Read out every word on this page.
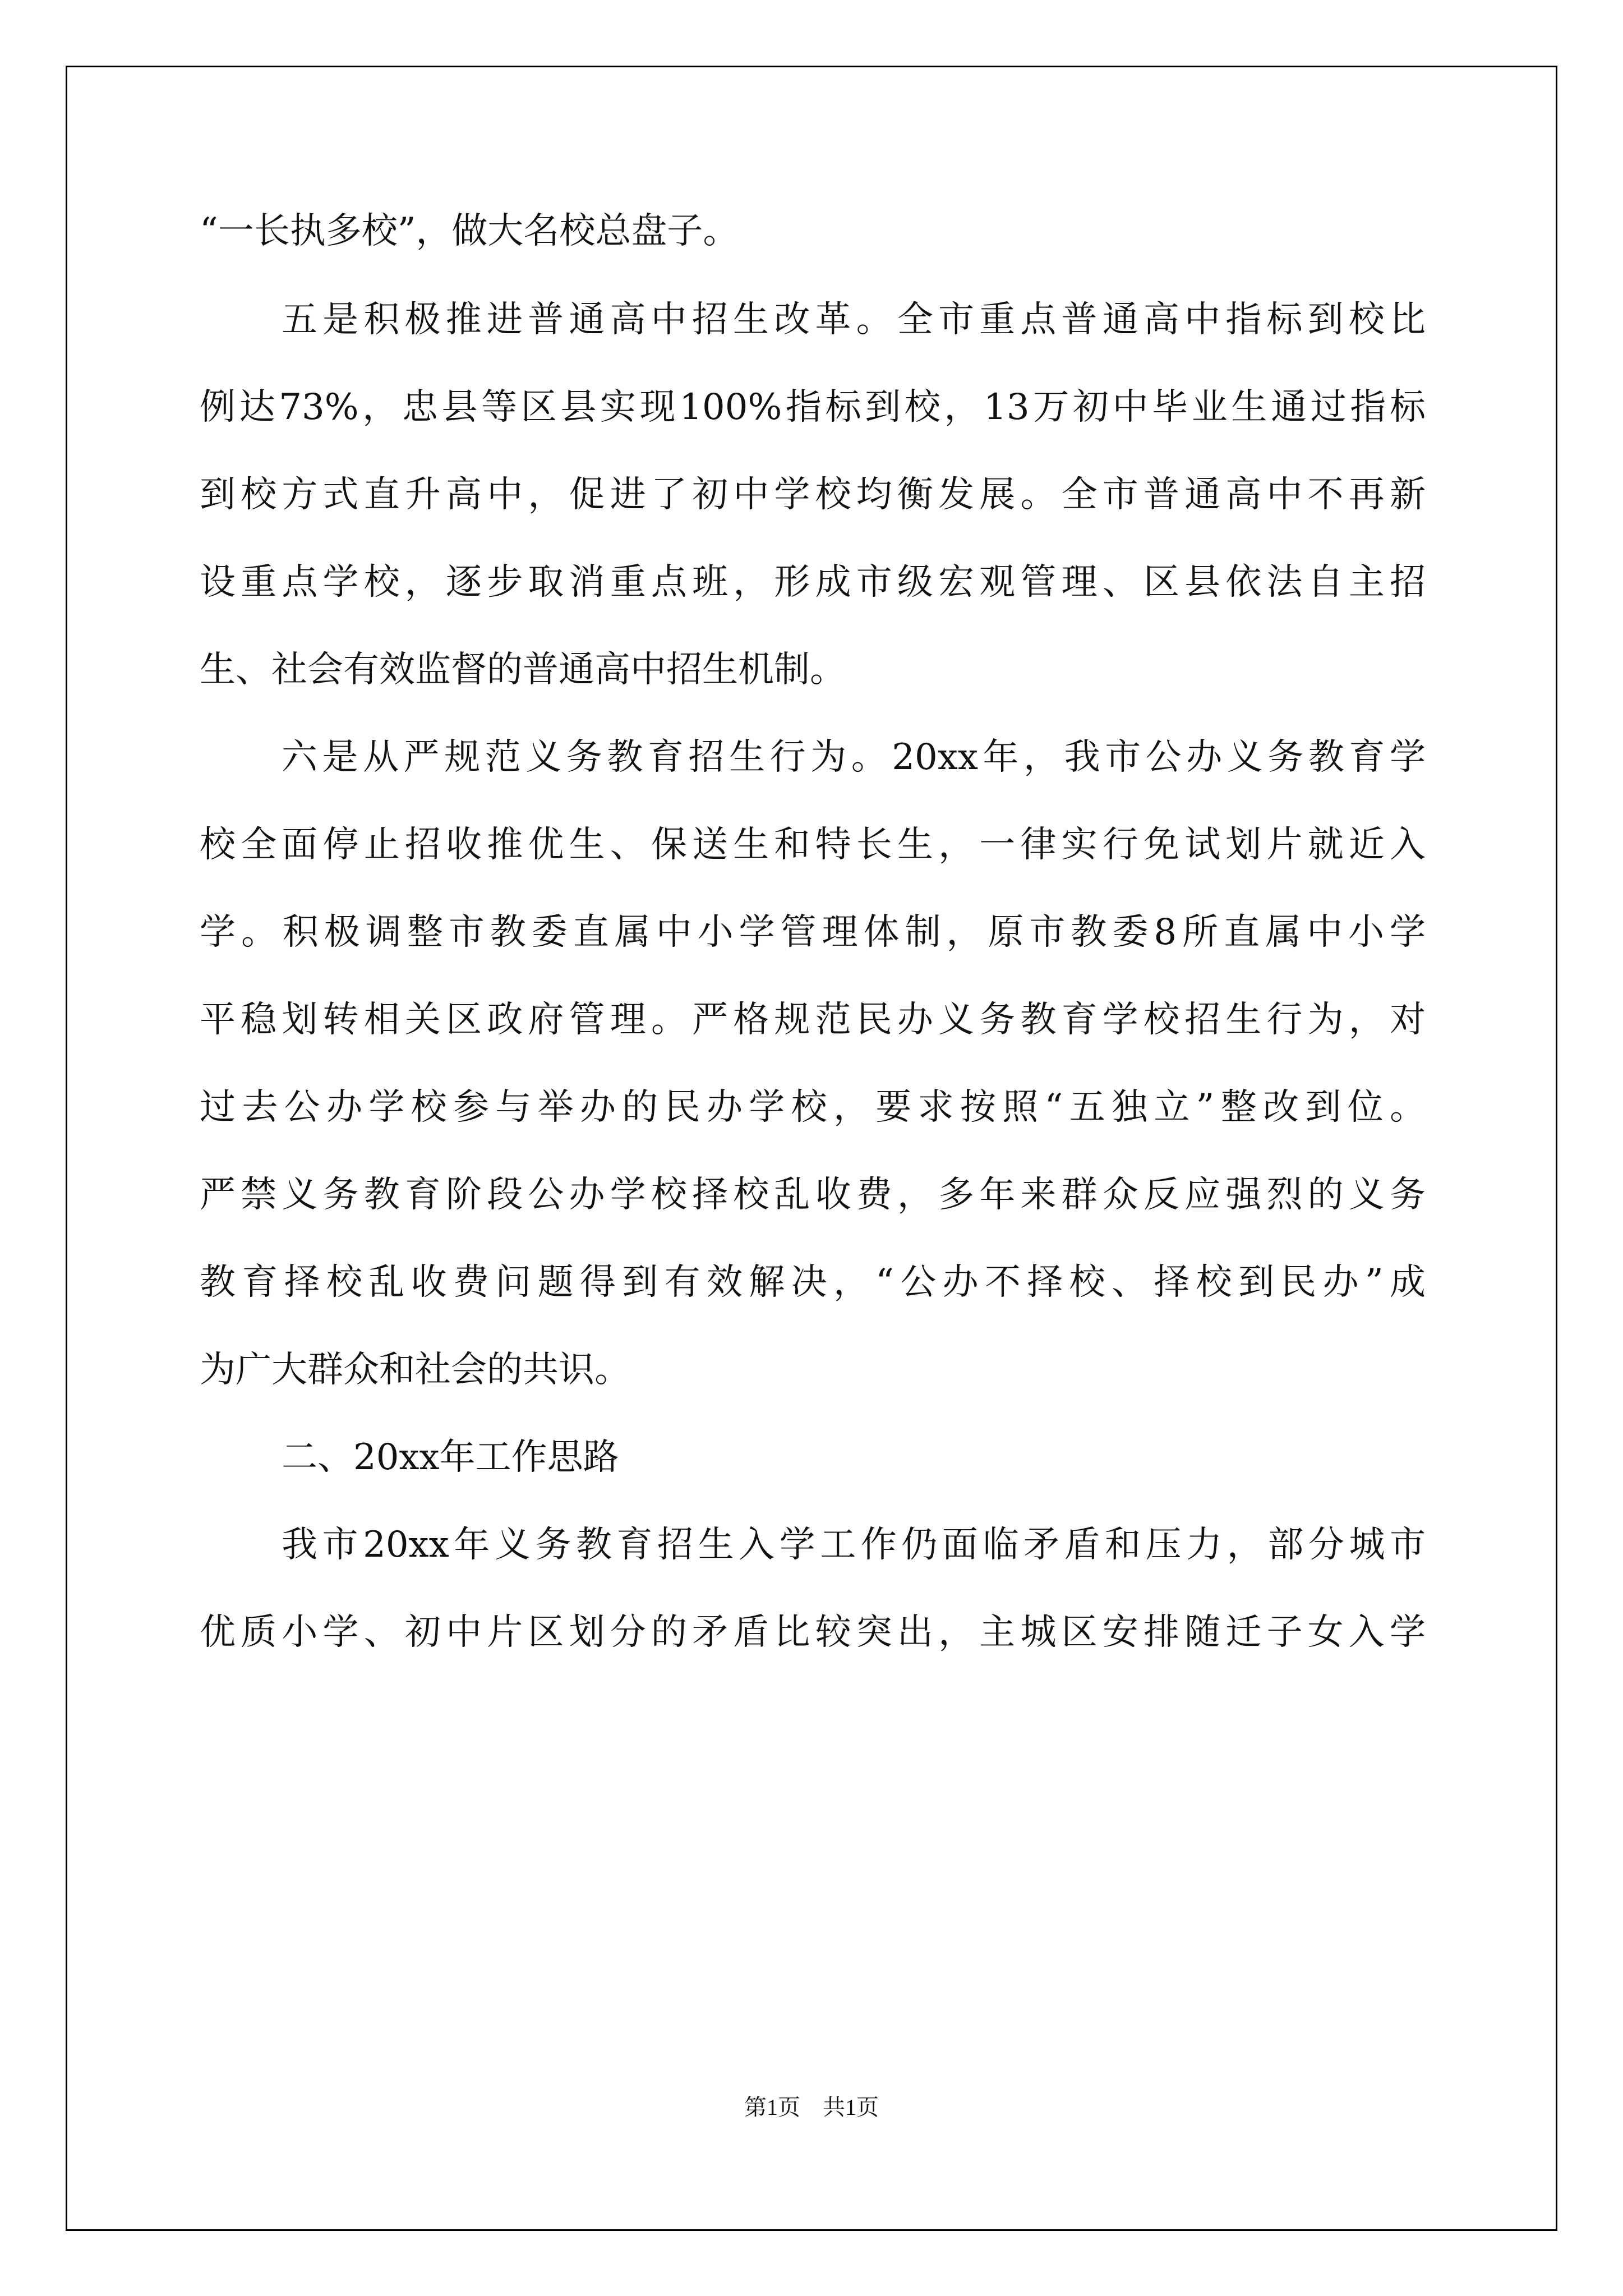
“一长执多校”，做大名校总盘子。

五是积极推进普通高中招生改革。全市重点普通高中指标到校比

例达73%，忠县等区县实现100%指标到校，13万初中毕业生通过指标

到校方式直升高中，促进了初中学校均衡发展。全市普通高中不再新

设重点学校，逐步取消重点班，形成市级宏观管理、区县依法自主招

生、社会有效监督的普通高中招生机制。

六是从严规范义务教育招生行为。20xx年，我市公办义务教育学

校全面停止招收推优生、保送生和特长生，一律实行免试划片就近入

学。积极调整市教委直属中小学管理体制，原市教委8所直属中小学

平稳划转相关区政府管理。严格规范民办义务教育学校招生行为，对

过去公办学校参与举办的民办学校，要求按照“五独立”整改到位。

严禁义务教育阶段公办学校择校乱收费，多年来群众反应强烈的义务

教育择校乱收费问题得到有效解决，“公办不择校、择校到民办”成

为广大群众和社会的共识。

二、20xx年工作思路

我市20xx年义务教育招生入学工作仍面临矛盾和压力，部分城市

优质小学、初中片区划分的矛盾比较突出，主城区安排随迁子女入学

第1页　共1页
